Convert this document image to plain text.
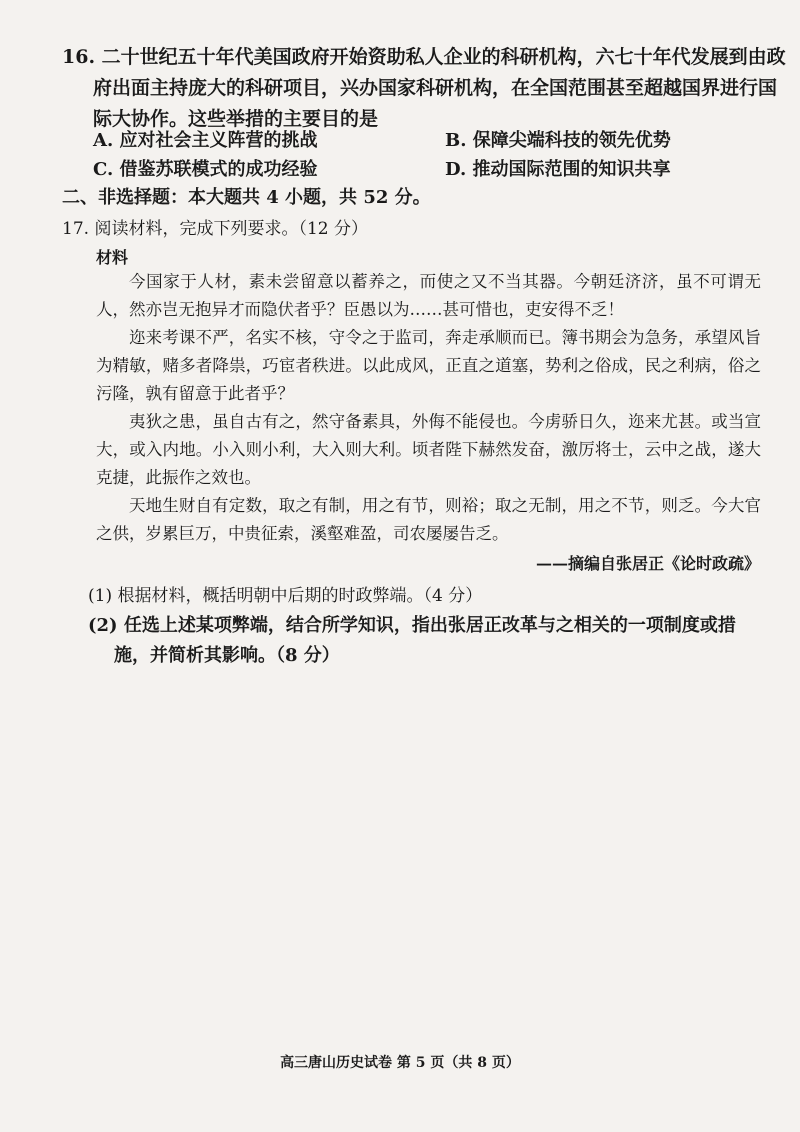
16. 二十世纪五十年代美国政府开始资助私人企业的科研机构，六七十年代发展到由政
府出面主持庞大的科研项目，兴办国家科研机构，在全国范围甚至超越国界进行国
际大协作。这些举措的主要目的是
A. 应对社会主义阵营的挑战	B. 保障尖端科技的领先优势
C. 借鉴苏联模式的成功经验	D. 推动国际范围的知识共享
二、非选择题：本大题共 4 小题，共 52 分。
17. 阅读材料，完成下列要求。（12 分）
材料

今国家于人材，素未尝留意以蓄养之，而使之又不当其器。今朝廷济济，虽不可谓无人，然亦岂无抱异才而隐伏者乎？臣愚以为……甚可惜也，吏安得不乏！

迩来考课不严，名实不核，守令之于监司，奔走承顺而已。簿书期会为急务，承望风旨为精敏，赌多者降祟，巧宦者秩进。以此成风，正直之道塞，势利之俗成，民之利病，俗之污隆，孰有留意于此者乎？

夷狄之患，虽自古有之，然守备素具，外侮不能侵也。今虏骄日久，迩来尤甚。或当宣大，或入内地。小入则小利，大入则大利。顷者陛下赫然发奋，激厉将士，云中之战，遂大克捷，此振作之效也。

天地生财自有定数，取之有制，用之有节，则裕；取之无制，用之不节，则乏。今大官之供，岁累巨万，中贵征索，溪壑难盈，司农屡屡告乏。

——摘编自张居正《论时政疏》
(1) 根据材料，概括明朝中后期的时政弊端。（4 分）
(2) 任选上述某项弊端，结合所学知识，指出张居正改革与之相关的一项制度或措
施，并简析其影响。（8 分）
高三唐山历史试卷 第 5 页（共 8 页）
